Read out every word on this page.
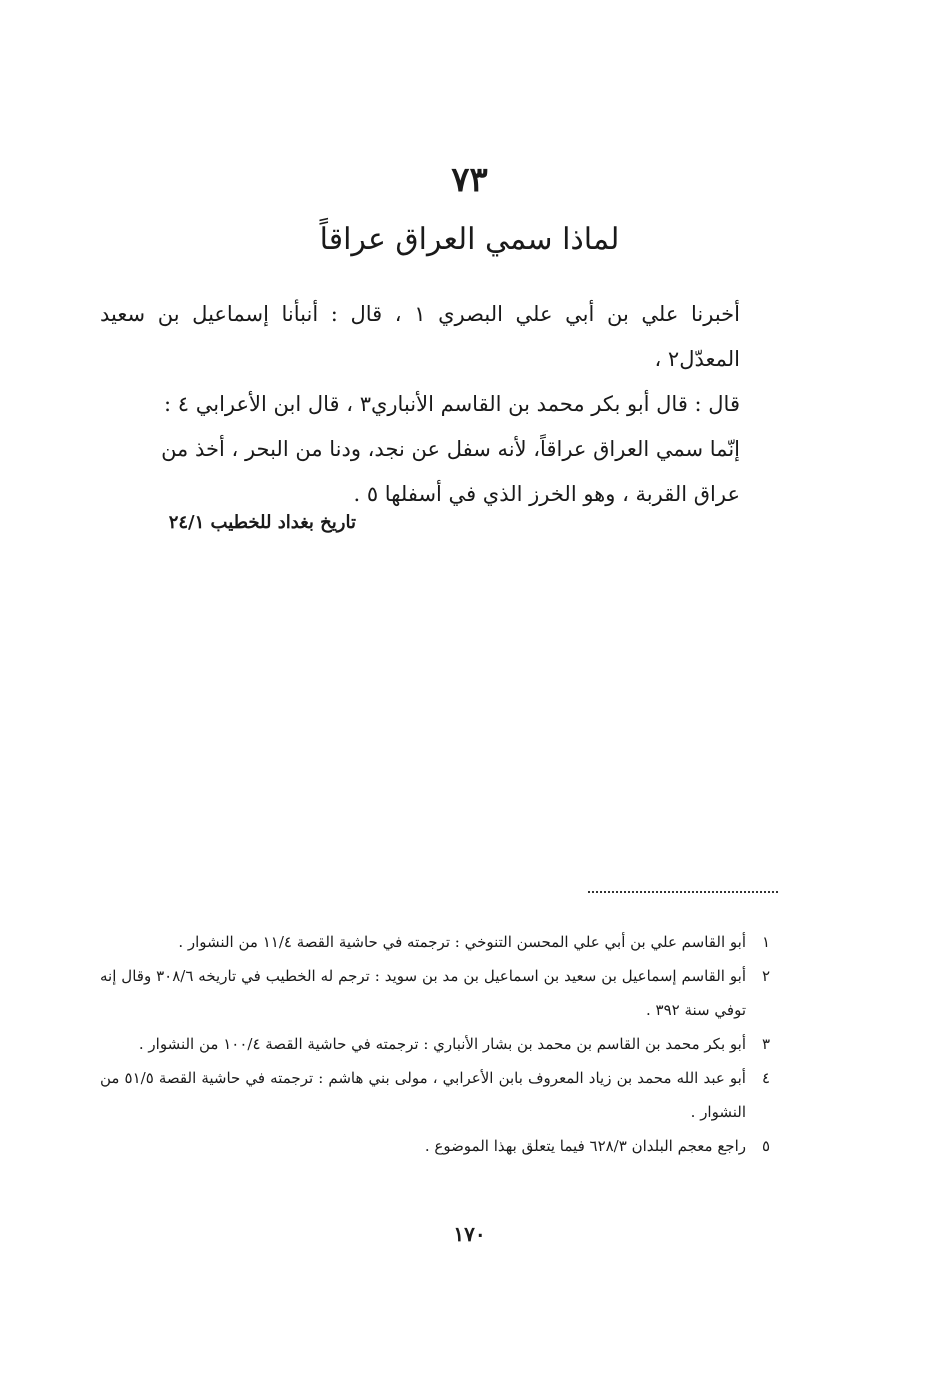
٧٣
لماذا سمي العراق عراقاً

أخبرنا علي بن أبي علي البصري ١ ، قال : أنبأنا إسماعيل بن سعيد المعدّل٢ ،

قال : قال أبو بكر محمد بن القاسم الأنباري٣ ، قال ابن الأعرابي ٤ :

إنّما سمي العراق عراقاً، لأنه سفل عن نجد، ودنا من البحر ، أخذ من

عراق القربة ، وهو الخرز الذي في أسفلها ٥ .

تاريخ بغداد للخطيب ٢٤/١
١
أبو القاسم علي بن أبي علي المحسن التنوخي : ترجمته في حاشية القصة ١١/٤ من النشوار .
٢
أبو القاسم إسماعيل بن سعيد بن اسماعيل بن مد بن سويد : ترجم له الخطيب في تاريخه ٣٠٨/٦ وقال إنه توفي سنة ٣٩٢ .
٣
أبو بكر محمد بن القاسم بن محمد بن بشار الأنباري : ترجمته في حاشية القصة ١٠٠/٤ من النشوار .
٤
أبو عبد الله محمد بن زياد المعروف بابن الأعرابي ، مولى بني هاشم : ترجمته في حاشية القصة ٥١/٥ من النشوار .
٥
راجع معجم البلدان ٦٢٨/٣ فيما يتعلق بهذا الموضوع .
١٧٠
